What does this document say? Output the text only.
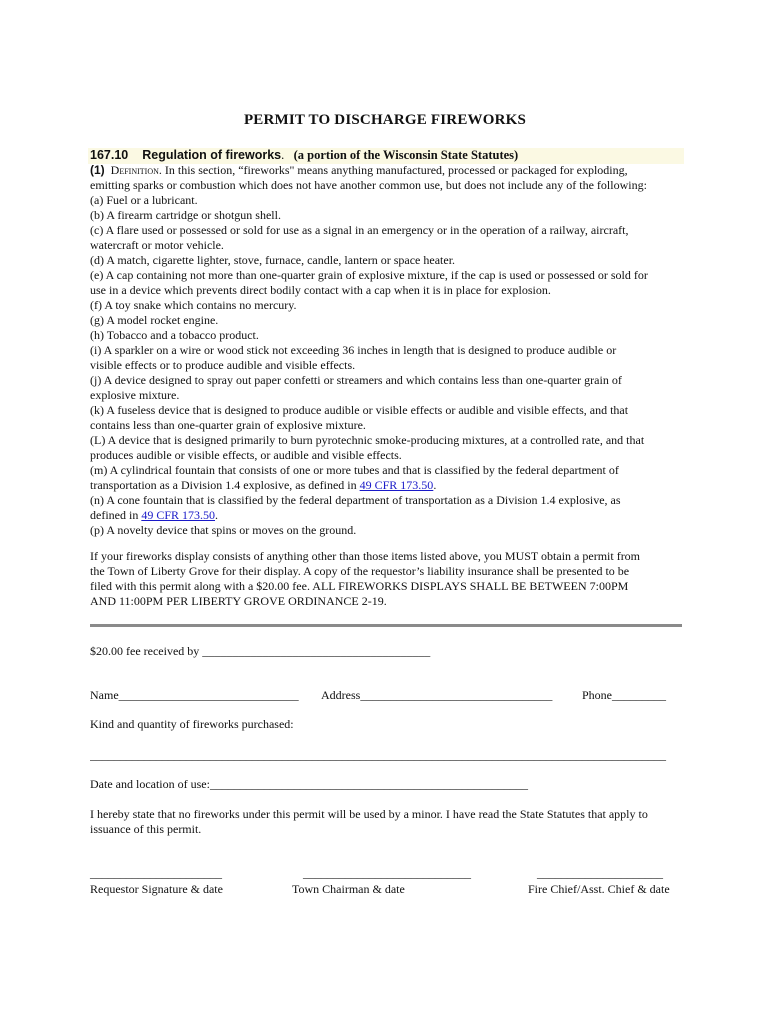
PERMIT TO DISCHARGE FIREWORKS
167.10 Regulation of fireworks. (a portion of the Wisconsin State Statutes)

(1) Definition. In this section, “fireworks" means anything manufactured, processed or packaged for exploding,

emitting sparks or combustion which does not have another common use, but does not include any of the following:

(a) Fuel or a lubricant.

(b) A firearm cartridge or shotgun shell.

(c) A flare used or possessed or sold for use as a signal in an emergency or in the operation of a railway, aircraft,

watercraft or motor vehicle.

(d) A match, cigarette lighter, stove, furnace, candle, lantern or space heater.

(e) A cap containing not more than one-quarter grain of explosive mixture, if the cap is used or possessed or sold for

use in a device which prevents direct bodily contact with a cap when it is in place for explosion.

(f) A toy snake which contains no mercury.

(g) A model rocket engine.

(h) Tobacco and a tobacco product.

(i) A sparkler on a wire or wood stick not exceeding 36 inches in length that is designed to produce audible or

visible effects or to produce audible and visible effects.

(j) A device designed to spray out paper confetti or streamers and which contains less than one-quarter grain of

explosive mixture.

(k) A fuseless device that is designed to produce audible or visible effects or audible and visible effects, and that

contains less than one-quarter grain of explosive mixture.

(L) A device that is designed primarily to burn pyrotechnic smoke-producing mixtures, at a controlled rate, and that

produces audible or visible effects, or audible and visible effects.

(m) A cylindrical fountain that consists of one or more tubes and that is classified by the federal department of

transportation as a Division 1.4 explosive, as defined in 49 CFR 173.50.

(n) A cone fountain that is classified by the federal department of transportation as a Division 1.4 explosive, as

defined in 49 CFR 173.50.

(p) A novelty device that spins or moves on the ground.

If your fireworks display consists of anything other than those items listed above, you MUST obtain a permit from

the Town of Liberty Grove for their display. A copy of the requestor’s liability insurance shall be presented to be

filed with this permit along with a $20.00 fee. ALL FIREWORKS DISPLAYS SHALL BE BETWEEN 7:00PM

AND 11:00PM PER LIBERTY GROVE ORDINANCE 2-19.

$20.00 fee received by ______________________________________
Name______________________________ Address________________________________ Phone_________
Kind and quantity of fireworks purchased:
________________________________________________________________________________________________
Date and location of use:_____________________________________________________
I hereby state that no fireworks under this permit will be used by a minor. I have read the State Statutes that apply to
issuance of this permit.
______________________
Requestor Signature & date
____________________________
Town Chairman & date
_____________________
Fire Chief/Asst. Chief & date
